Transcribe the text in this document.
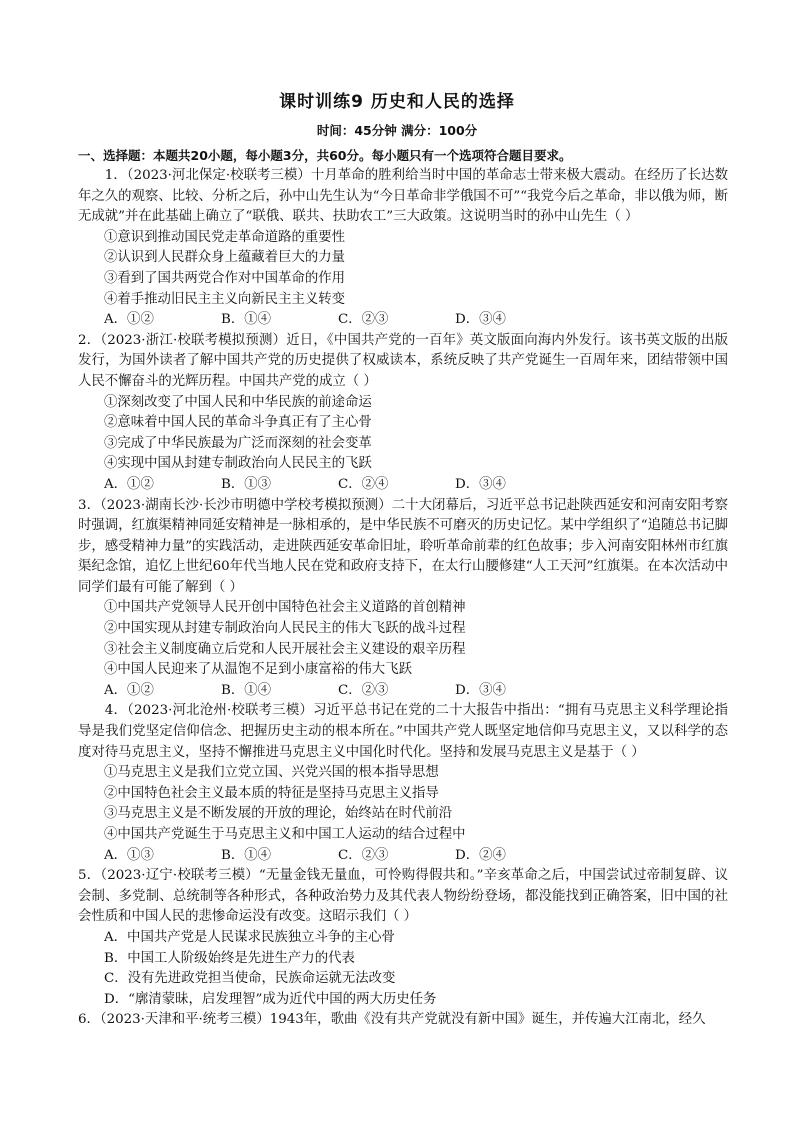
课时训练9 历史和人民的选择
时间：45分钟 满分：100分
一、选择题：本题共20小题，每小题3分，共60分。每小题只有一个选项符合题目要求。

1．（2023·河北保定·校联考三模）十月革命的胜利给当时中国的革命志士带来极大震动。在经历了长达数年之久的观察、比较、分析之后，孙中山先生认为“今日革命非学俄国不可”“我党今后之革命，非以俄为师，断无成就”并在此基础上确立了“联俄、联共、扶助农工”三大政策。这说明当时的孙中山先生（ ）

①意识到推动国民党走革命道路的重要性

②认识到人民群众身上蕴藏着巨大的力量

③看到了国共两党合作对中国革命的作用

④着手推动旧民主主义向新民主主义转变

A．①②	B．①④	C．②③	D．③④

2．（2023·浙江·校联考模拟预测）近日，《中国共产党的一百年》英文版面向海内外发行。该书英文版的出版发行，为国外读者了解中国共产党的历史提供了权威读本，系统反映了共产党诞生一百周年来，团结带领中国人民不懈奋斗的光辉历程。中国共产党的成立（ ）

①深刻改变了中国人民和中华民族的前途命运

②意味着中国人民的革命斗争真正有了主心骨

③完成了中华民族最为广泛而深刻的社会变革

④实现中国从封建专制政治向人民民主的飞跃

A．①②	B．①③	C．②④	D．③④

3．（2023·湖南长沙·长沙市明德中学校考模拟预测）二十大闭幕后，习近平总书记赴陕西延安和河南安阳考察时强调，红旗渠精神同延安精神是一脉相承的，是中华民族不可磨灭的历史记忆。某中学组织了“追随总书记脚步，感受精神力量”的实践活动，走进陕西延安革命旧址，聆听革命前辈的红色故事；步入河南安阳林州市红旗渠纪念馆，追忆上世纪60年代当地人民在党和政府支持下，在太行山腰修建“人工天河”红旗渠。在本次活动中同学们最有可能了解到（ ）

①中国共产党领导人民开创中国特色社会主义道路的首创精神

②中国实现从封建专制政治向人民民主的伟大飞跃的战斗过程

③社会主义制度确立后党和人民开展社会主义建设的艰辛历程

④中国人民迎来了从温饱不足到小康富裕的伟大飞跃

A．①②	B．①④	C．②③	D．③④

4．（2023·河北沧州·校联考三模）习近平总书记在党的二十大报告中指出：“拥有马克思主义科学理论指导是我们党坚定信仰信念、把握历史主动的根本所在。”中国共产党人既坚定地信仰马克思主义，又以科学的态度对待马克思主义，坚持不懈推进马克思主义中国化时代化。坚持和发展马克思主义是基于（ ）

①马克思主义是我们立党立国、兴党兴国的根本指导思想

②中国特色社会主义最本质的特征是坚持马克思主义指导

③马克思主义是不断发展的开放的理论，始终站在时代前沿

④中国共产党诞生于马克思主义和中国工人运动的结合过程中

A．①③	B．①④	C．②③	D．②④

5．（2023·辽宁·校联考三模）“无量金钱无量血，可怜购得假共和。”辛亥革命之后，中国尝试过帝制复辟、议会制、多党制、总统制等各种形式，各种政治势力及其代表人物纷纷登场，都没能找到正确答案，旧中国的社会性质和中国人民的悲惨命运没有改变。这昭示我们（ ）

A．中国共产党是人民谋求民族独立斗争的主心骨

B．中国工人阶级始终是先进生产力的代表

C．没有先进政党担当使命，民族命运就无法改变

D．“廓清蒙昧，启发理智”成为近代中国的两大历史任务

6．（2023·天津和平·统考三模）1943年，歌曲《没有共产党就没有新中国》诞生，并传遍大江南北，经久
